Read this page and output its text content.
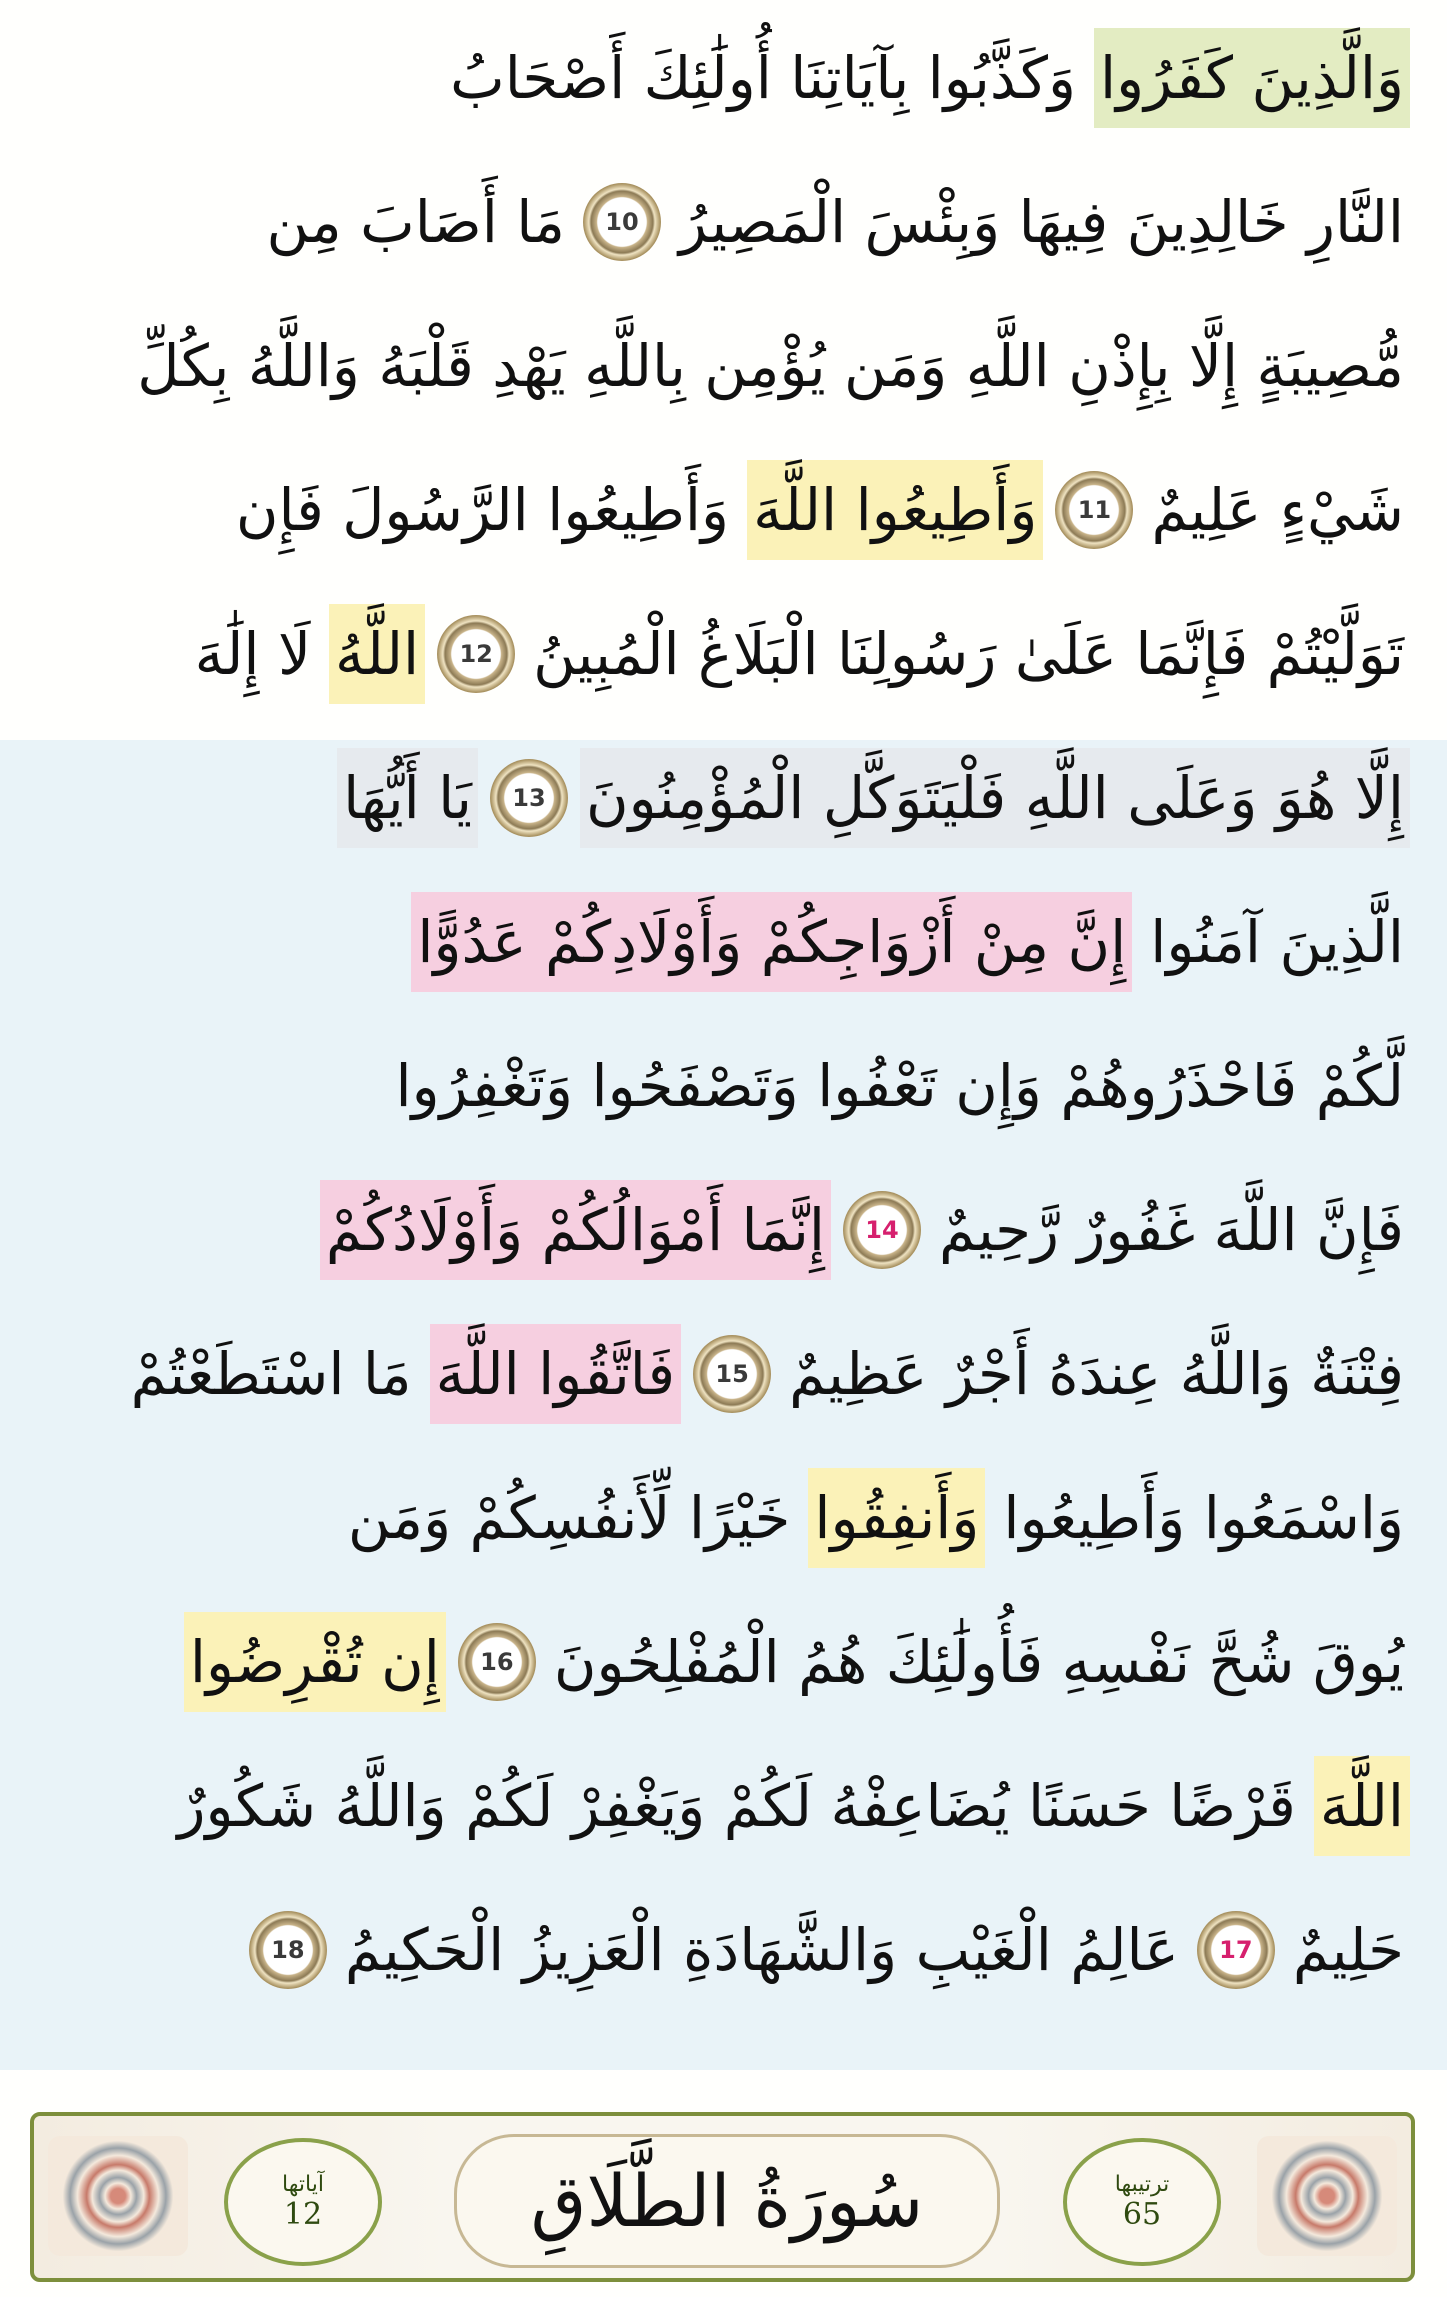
وَالَّذِينَ كَفَرُوا
وَكَذَّبُوا بِآيَاتِنَا أُولَٰئِكَ أَصْحَابُ
النَّارِ خَالِدِينَ فِيهَا وَبِئْسَ الْمَصِيرُ
10
مَا أَصَابَ مِن
مُّصِيبَةٍ إِلَّا بِإِذْنِ اللَّهِ وَمَن يُؤْمِن بِاللَّهِ يَهْدِ قَلْبَهُ وَاللَّهُ بِكُلِّ
شَيْءٍ عَلِيمٌ
11
وَأَطِيعُوا اللَّهَ
وَأَطِيعُوا الرَّسُولَ فَإِن
تَوَلَّيْتُمْ فَإِنَّمَا عَلَىٰ رَسُولِنَا الْبَلَاغُ الْمُبِينُ
12
اللَّهُ
لَا إِلَٰهَ
إِلَّا هُوَ وَعَلَى اللَّهِ فَلْيَتَوَكَّلِ الْمُؤْمِنُونَ
13
يَا أَيُّهَا
الَّذِينَ آمَنُوا
إِنَّ مِنْ أَزْوَاجِكُمْ وَأَوْلَادِكُمْ عَدُوًّا
لَّكُمْ فَاحْذَرُوهُمْ وَإِن تَعْفُوا وَتَصْفَحُوا وَتَغْفِرُوا
فَإِنَّ اللَّهَ غَفُورٌ رَّحِيمٌ
14
إِنَّمَا أَمْوَالُكُمْ وَأَوْلَادُكُمْ
فِتْنَةٌ وَاللَّهُ عِندَهُ أَجْرٌ عَظِيمٌ
15
فَاتَّقُوا اللَّهَ
مَا اسْتَطَعْتُمْ
وَاسْمَعُوا وَأَطِيعُوا
وَأَنفِقُوا
خَيْرًا لِّأَنفُسِكُمْ وَمَن
يُوقَ شُحَّ نَفْسِهِ فَأُولَٰئِكَ هُمُ الْمُفْلِحُونَ
16
إِن تُقْرِضُوا
اللَّهَ
قَرْضًا حَسَنًا يُضَاعِفْهُ لَكُمْ وَيَغْفِرْ لَكُمْ وَاللَّهُ شَكُورٌ
حَلِيمٌ
17
عَالِمُ الْغَيْبِ وَالشَّهَادَةِ الْعَزِيزُ الْحَكِيمُ
18
آياتها
12	سُورَةُ الطَّلَاقِ	ترتيبها
65
